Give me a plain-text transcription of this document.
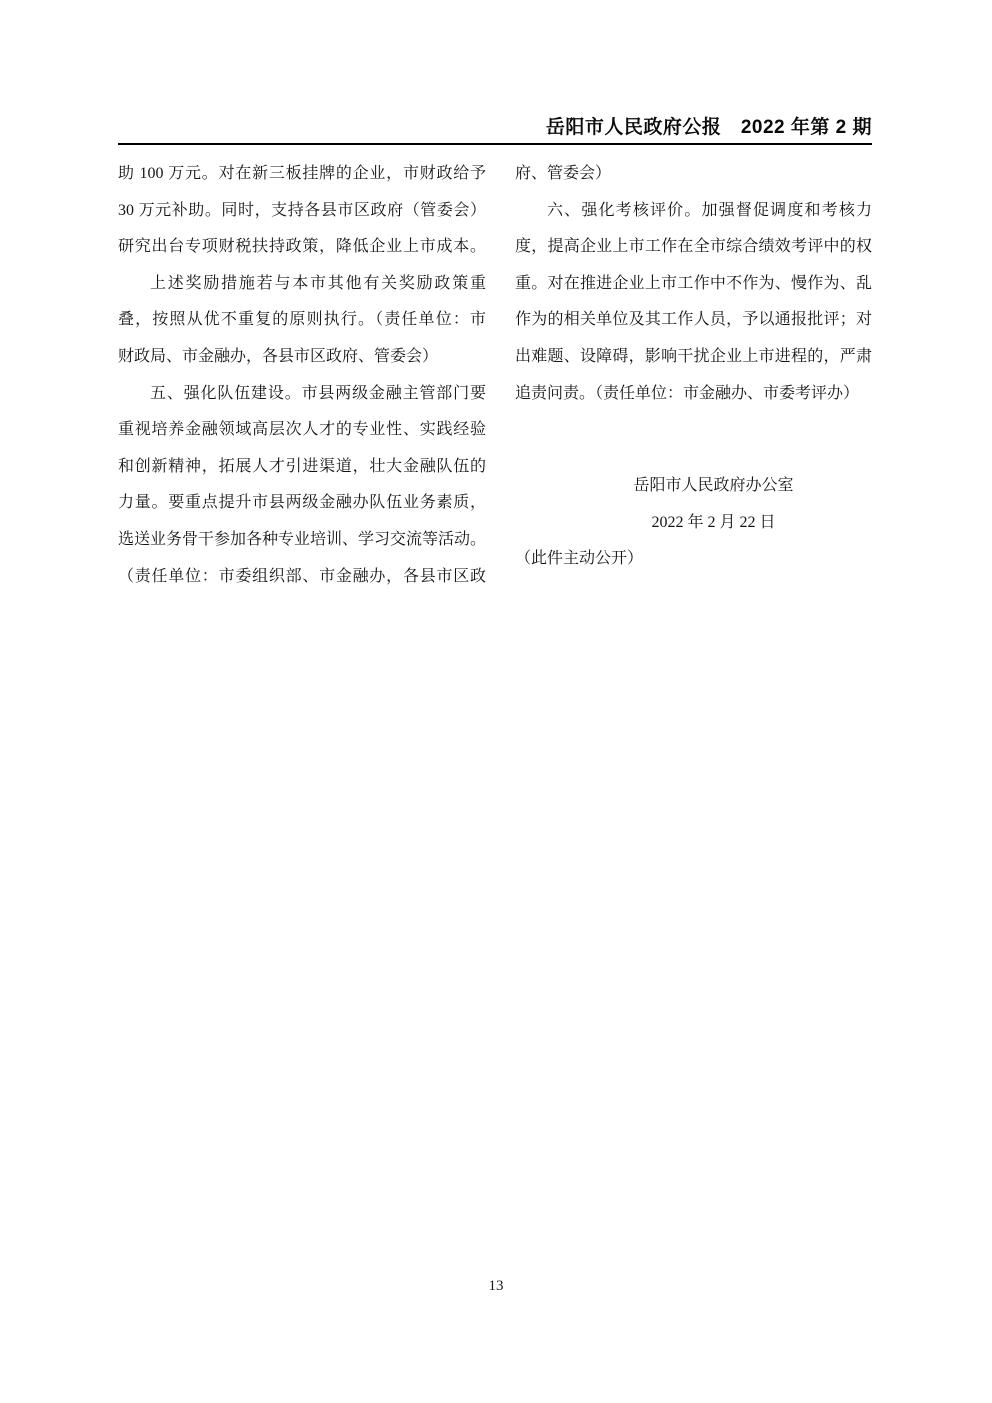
岳阳市人民政府公报　2022 年第 2 期
助 100 万元。对在新三板挂牌的企业，市财政给予
30 万元补助。同时，支持各县市区政府（管委会）
研究出台专项财税扶持政策，降低企业上市成本。
上述奖励措施若与本市其他有关奖励政策重
叠，按照从优不重复的原则执行。（责任单位：市
财政局、市金融办，各县市区政府、管委会）
五、强化队伍建设。市县两级金融主管部门要
重视培养金融领域高层次人才的专业性、实践经验
和创新精神，拓展人才引进渠道，壮大金融队伍的
力量。要重点提升市县两级金融办队伍业务素质，
选送业务骨干参加各种专业培训、学习交流等活动。
（责任单位：市委组织部、市金融办，各县市区政
府、管委会）
六、强化考核评价。加强督促调度和考核力
度，提高企业上市工作在全市综合绩效考评中的权
重。对在推进企业上市工作中不作为、慢作为、乱
作为的相关单位及其工作人员，予以通报批评；对
出难题、设障碍，影响干扰企业上市进程的，严肃
追责问责。（责任单位：市金融办、市委考评办）
岳阳市人民政府办公室
2022 年 2 月 22 日
（此件主动公开）
13
